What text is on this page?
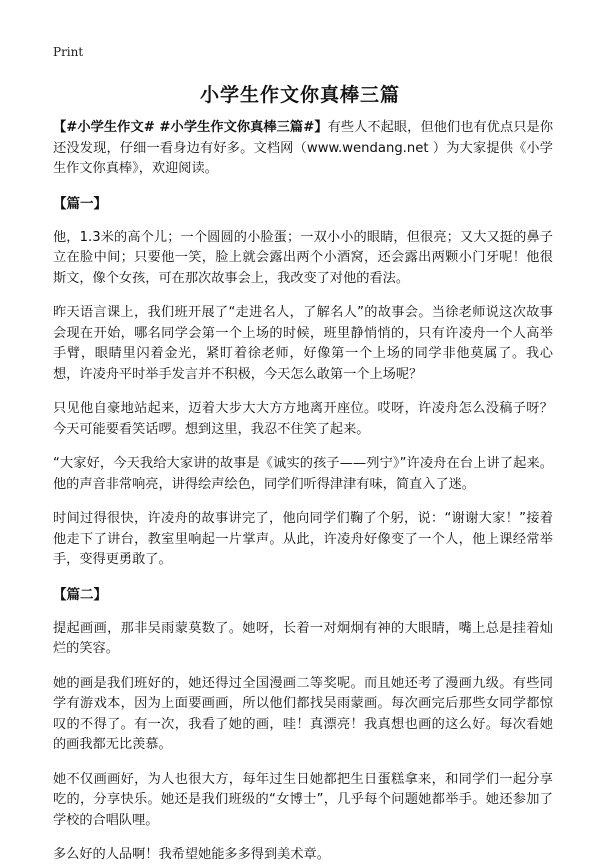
Print
小学生作文你真棒三篇

【#小学生作文# #小学生作文你真棒三篇#】有些人不起眼，但他们也有优点只是你还没发现，仔细一看身边有好多。文档网（www.wendang.net ）为大家提供《小学生作文你真棒》，欢迎阅读。

【篇一】

他，1.3米的高个儿；一个圆圆的小脸蛋；一双小小的眼睛，但很亮；又大又挺的鼻子立在脸中间；只要他一笑，脸上就会露出两个小酒窝，还会露出两颗小门牙呢！他很斯文，像个女孩，可在那次故事会上，我改变了对他的看法。

昨天语言课上，我们班开展了“走进名人，了解名人”的故事会。当徐老师说这次故事会现在开始，哪名同学会第一个上场的时候，班里静悄悄的，只有许凌舟一个人高举手臂，眼睛里闪着金光，紧盯着徐老师，好像第一个上场的同学非他莫属了。我心想，许凌舟平时举手发言并不积极，今天怎么敢第一个上场呢？

只见他自豪地站起来，迈着大步大大方方地离开座位。哎呀，许凌舟怎么没稿子呀？今天可能要看笑话啰。想到这里，我忍不住笑了起来。

“大家好，今天我给大家讲的故事是《诚实的孩子——列宁》”许凌舟在台上讲了起来。他的声音非常响亮，讲得绘声绘色，同学们听得津津有味，简直入了迷。

时间过得很快，许凌舟的故事讲完了，他向同学们鞠了个躬，说：“谢谢大家！”接着他走下了讲台，教室里响起一片掌声。从此，许凌舟好像变了一个人，他上课经常举手，变得更勇敢了。

【篇二】

提起画画，那非吴雨蒙莫数了。她呀，长着一对炯炯有神的大眼睛，嘴上总是挂着灿烂的笑容。

她的画是我们班好的，她还得过全国漫画二等奖呢。而且她还考了漫画九级。有些同学有游戏本，因为上面要画画，所以他们都找吴雨蒙画。每次画完后那些女同学都惊叹的不得了。有一次，我看了她的画，哇！真漂亮！我真想也画的这么好。每次看她的画我都无比羡慕。

她不仅画画好，为人也很大方，每年过生日她都把生日蛋糕拿来，和同学们一起分享吃的，分享快乐。她还是我们班级的“女博士”，几乎每个问题她都举手。她还参加了学校的合唱队哩。

多么好的人品啊！我希望她能多多得到美术章。
